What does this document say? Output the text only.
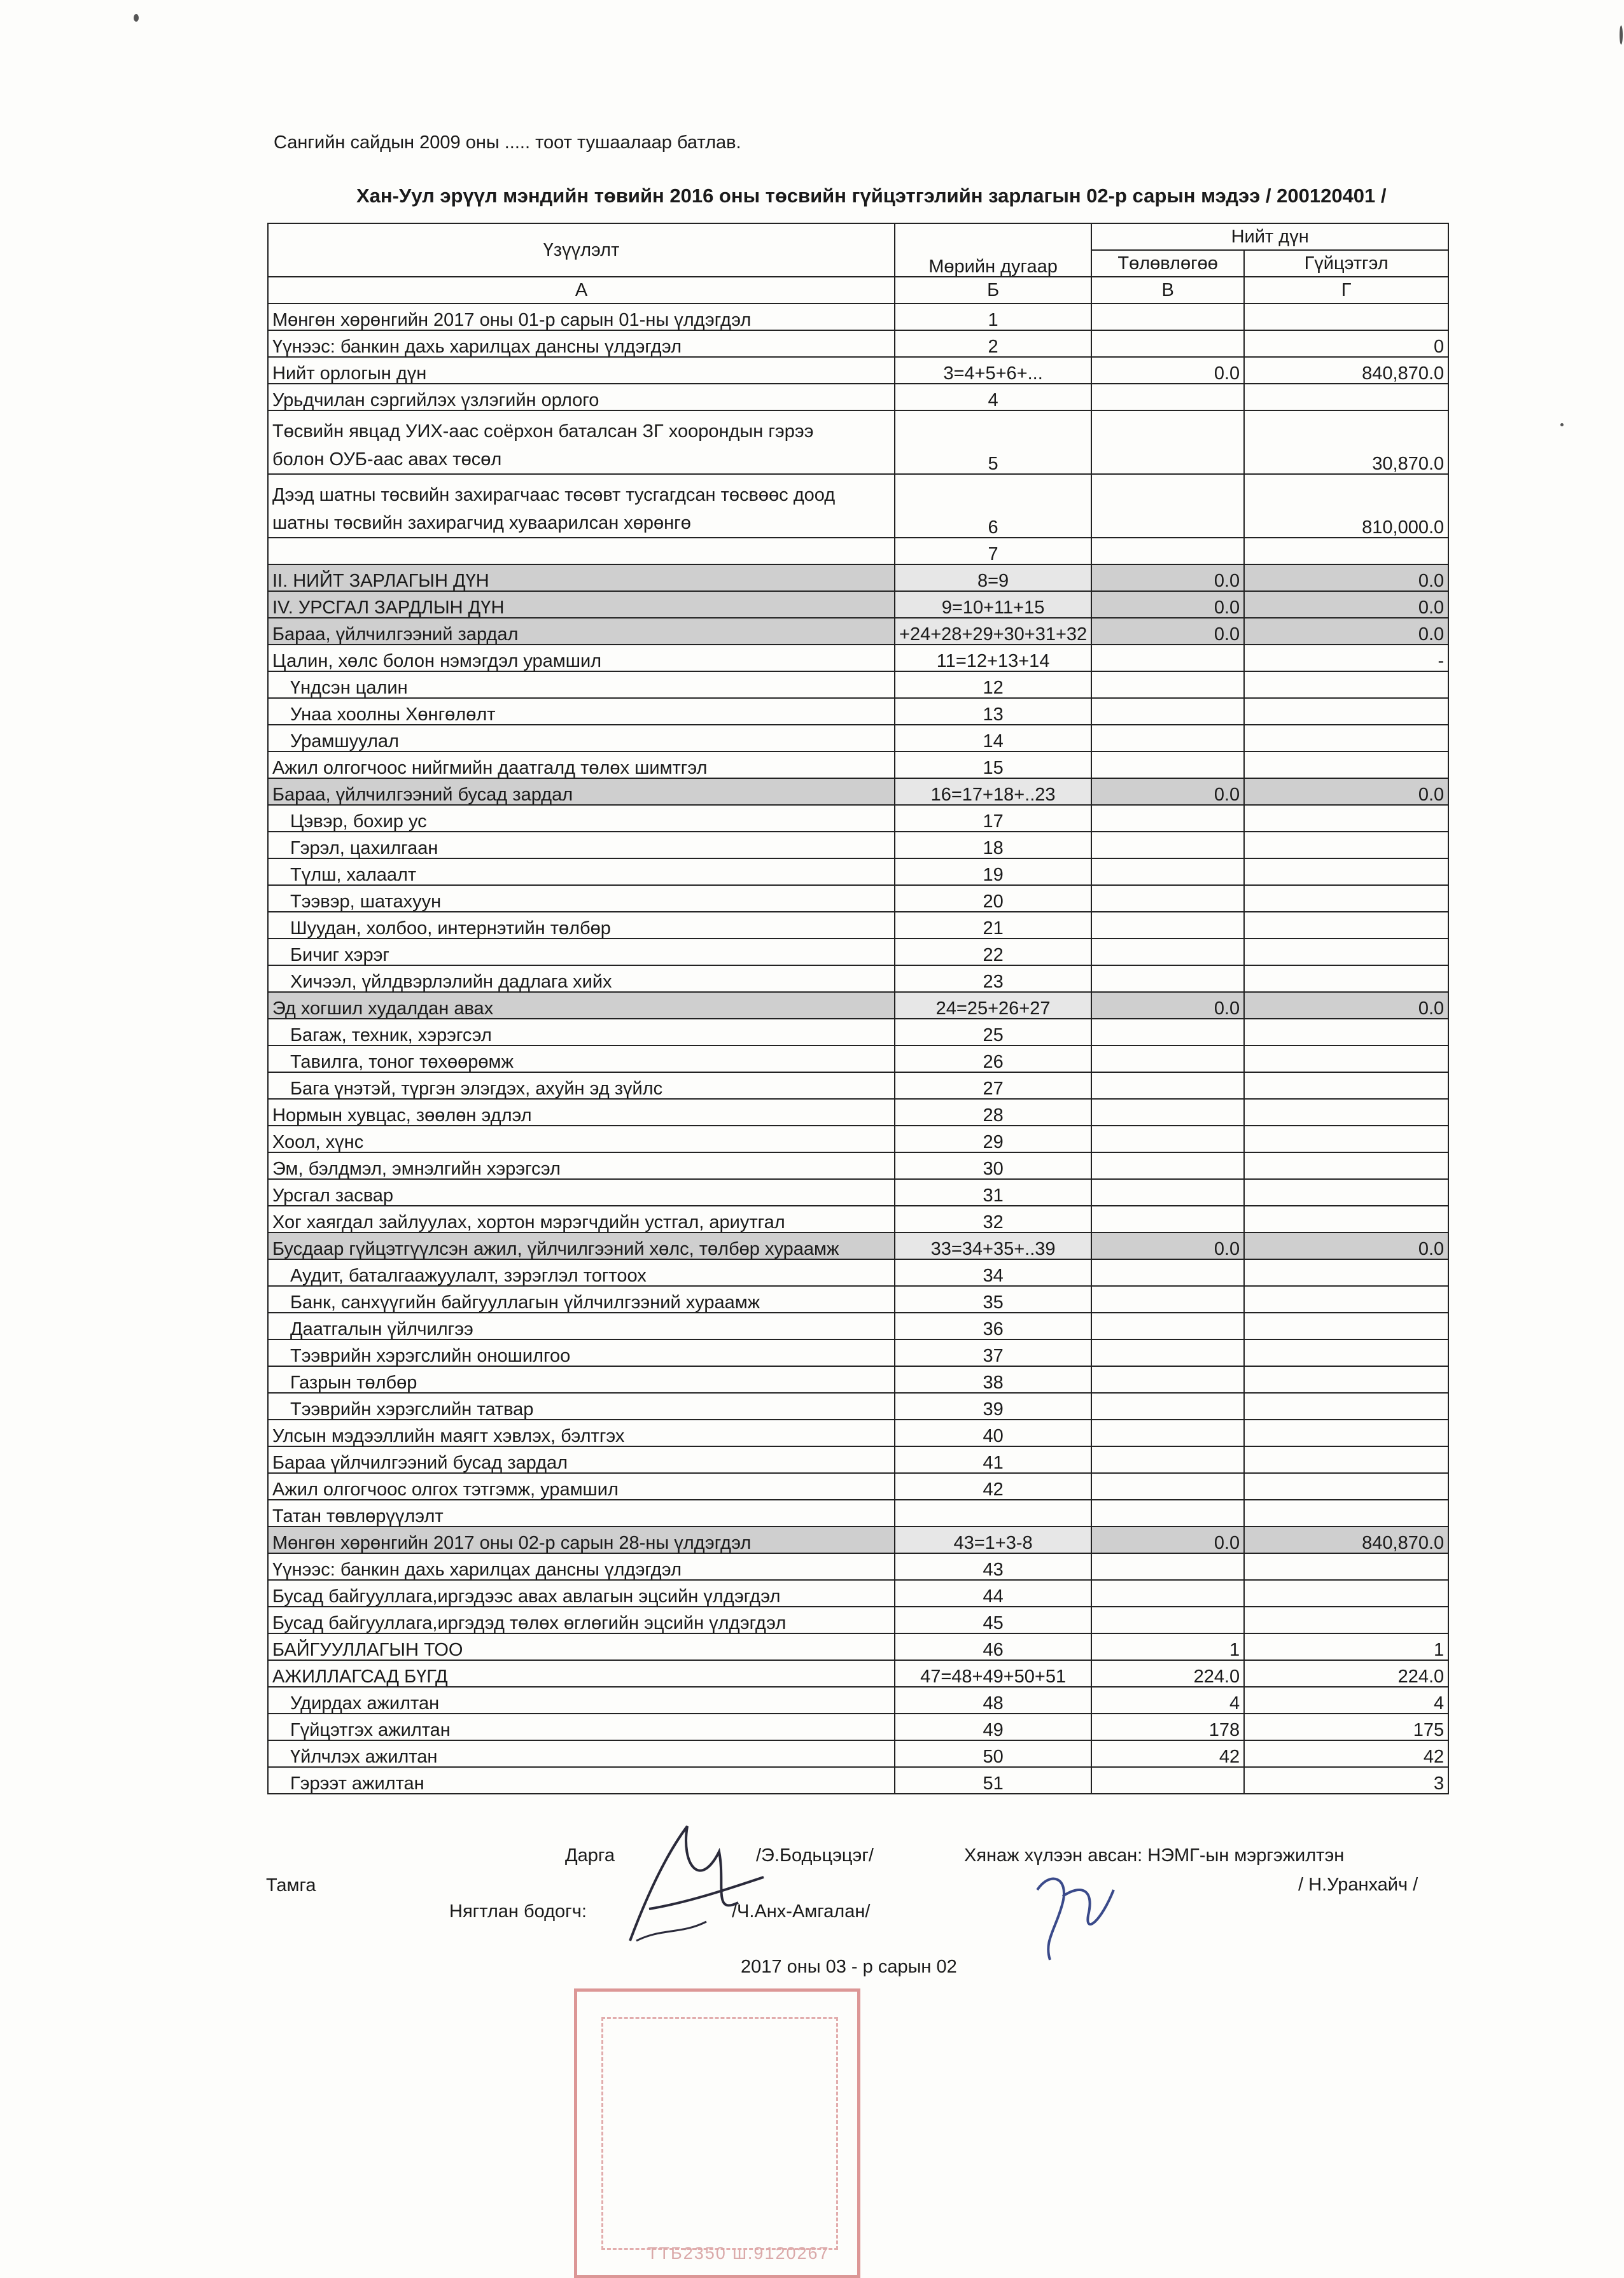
Сангийн сайдын 2009 оны ..... тоот тушаалаар батлав.
Хан-Уул эрүүл мэндийн төвийн 2016 оны төсвийн гүйцэтгэлийн зарлагын 02-р сарын мэдээ / 200120401 /
Үзүүлэлт	Мөрийн дугаар	Нийт дүн	
		Төлөвлөгөө	Гүйцэтгэл
А	Б	В	Г
Мөнгөн хөрөнгийн 2017 оны 01-р сарын 01-ны үлдэгдэл	1		
Үүнээс: банкин дахь харилцах дансны үлдэгдэл	2		0
Нийт орлогын дүн	3=4+5+6+...	0.0	840,870.0
Урьдчилан сэргийлэх үзлэгийн орлого	4		

Төсвийн явцад УИХ-аас соёрхон баталсан ЗГ хоорондын гэрээ
болон ОУБ-аас авах төсөл	5		30,870.0

Дээд шатны төсвийн захирагчаас төсөвт тусгагдсан төсвөөс доод
шатны төсвийн захирагчид хуваарилсан хөрөнгө	6		810,000.0
	7		
II. НИЙТ ЗАРЛАГЫН ДҮН	8=9	0.0	0.0
IV. УРСГАЛ ЗАРДЛЫН ДҮН	9=10+11+15	0.0	0.0
Бараа, үйлчилгээний зардал	24+28+29+30+31+32+	0.0	0.0
Цалин, хөлс болон нэмэгдэл урамшил	11=12+13+14		-
Үндсэн цалин	12		
Унаа хоолны Хөнгөлөлт	13		
Урамшуулал	14		
Ажил олгогчоос нийгмийн даатгалд төлөх шимтгэл	15		
Бараа, үйлчилгээний бусад зардал	16=17+18+..23	0.0	0.0
Цэвэр, бохир ус	17		
Гэрэл, цахилгаан	18		
Түлш, халаалт	19		
Тээвэр, шатахуун	20		
Шуудан, холбоо, интернэтийн төлбөр	21		
Бичиг хэрэг	22		
Хичээл, үйлдвэрлэлийн дадлага хийх	23		
Эд хогшил худалдан авах	24=25+26+27	0.0	0.0
Багаж, техник, хэрэгсэл	25		
Тавилга, тоног төхөөрөмж	26		
Бага үнэтэй, түргэн элэгдэх, ахуйн эд зүйлс	27		
Нормын хувцас, зөөлөн эдлэл	28		
Хоол, хүнс	29		
Эм, бэлдмэл, эмнэлгийн хэрэгсэл	30		
Урсгал засвар	31		
Хог хаягдал зайлуулах, хортон мэрэгчдийн устгал, ариутгал	32		
Бусдаар гүйцэтгүүлсэн ажил, үйлчилгээний хөлс, төлбөр хураамж	33=34+35+..39	0.0	0.0
Аудит, баталгаажуулалт, зэрэглэл тогтоох	34		
Банк, санхүүгийн байгууллагын үйлчилгээний хураамж	35		
Даатгалын үйлчилгээ	36		
Тээврийн хэрэгслийн оношилгоо	37		
Газрын төлбөр	38		
Тээврийн хэрэгслийн татвар	39		
Улсын мэдээллийн маягт хэвлэх, бэлтгэх	40		
Бараа үйлчилгээний бусад зардал	41		
Ажил олгогчоос олгох тэтгэмж, урамшил	42		
Татан төвлөрүүлэлт			
Мөнгөн хөрөнгийн 2017 оны 02-р сарын 28-ны үлдэгдэл	43=1+3-8	0.0	840,870.0
Үүнээс: банкин дахь харилцах дансны үлдэгдэл	43		
Бусад байгууллага,иргэдээс авах авлагын эцсийн үлдэгдэл	44		
Бусад байгууллага,иргэдэд төлөх өглөгийн эцсийн үлдэгдэл	45		
БАЙГУУЛЛАГЫН ТОО	46	1	1
АЖИЛЛАГСАД БҮГД	47=48+49+50+51	224.0	224.0
Удирдах ажилтан	48	4	4
Гүйцэтгэх ажилтан	49	178	175
Үйлчлэх ажилтан	50	42	42
Гэрээт ажилтан	51		3
ТТБ2350 ш.9120267
Тамга
Дарга	/Э.Бодьцэцэг/
Нягтлан бодогч:	/Ч.Анх-Амгалан/
Хянаж хүлээн авсан: НЭМГ-ын мэргэжилтэн
/ Н.Уранхайч /
2017 оны 03 - р сарын 02
